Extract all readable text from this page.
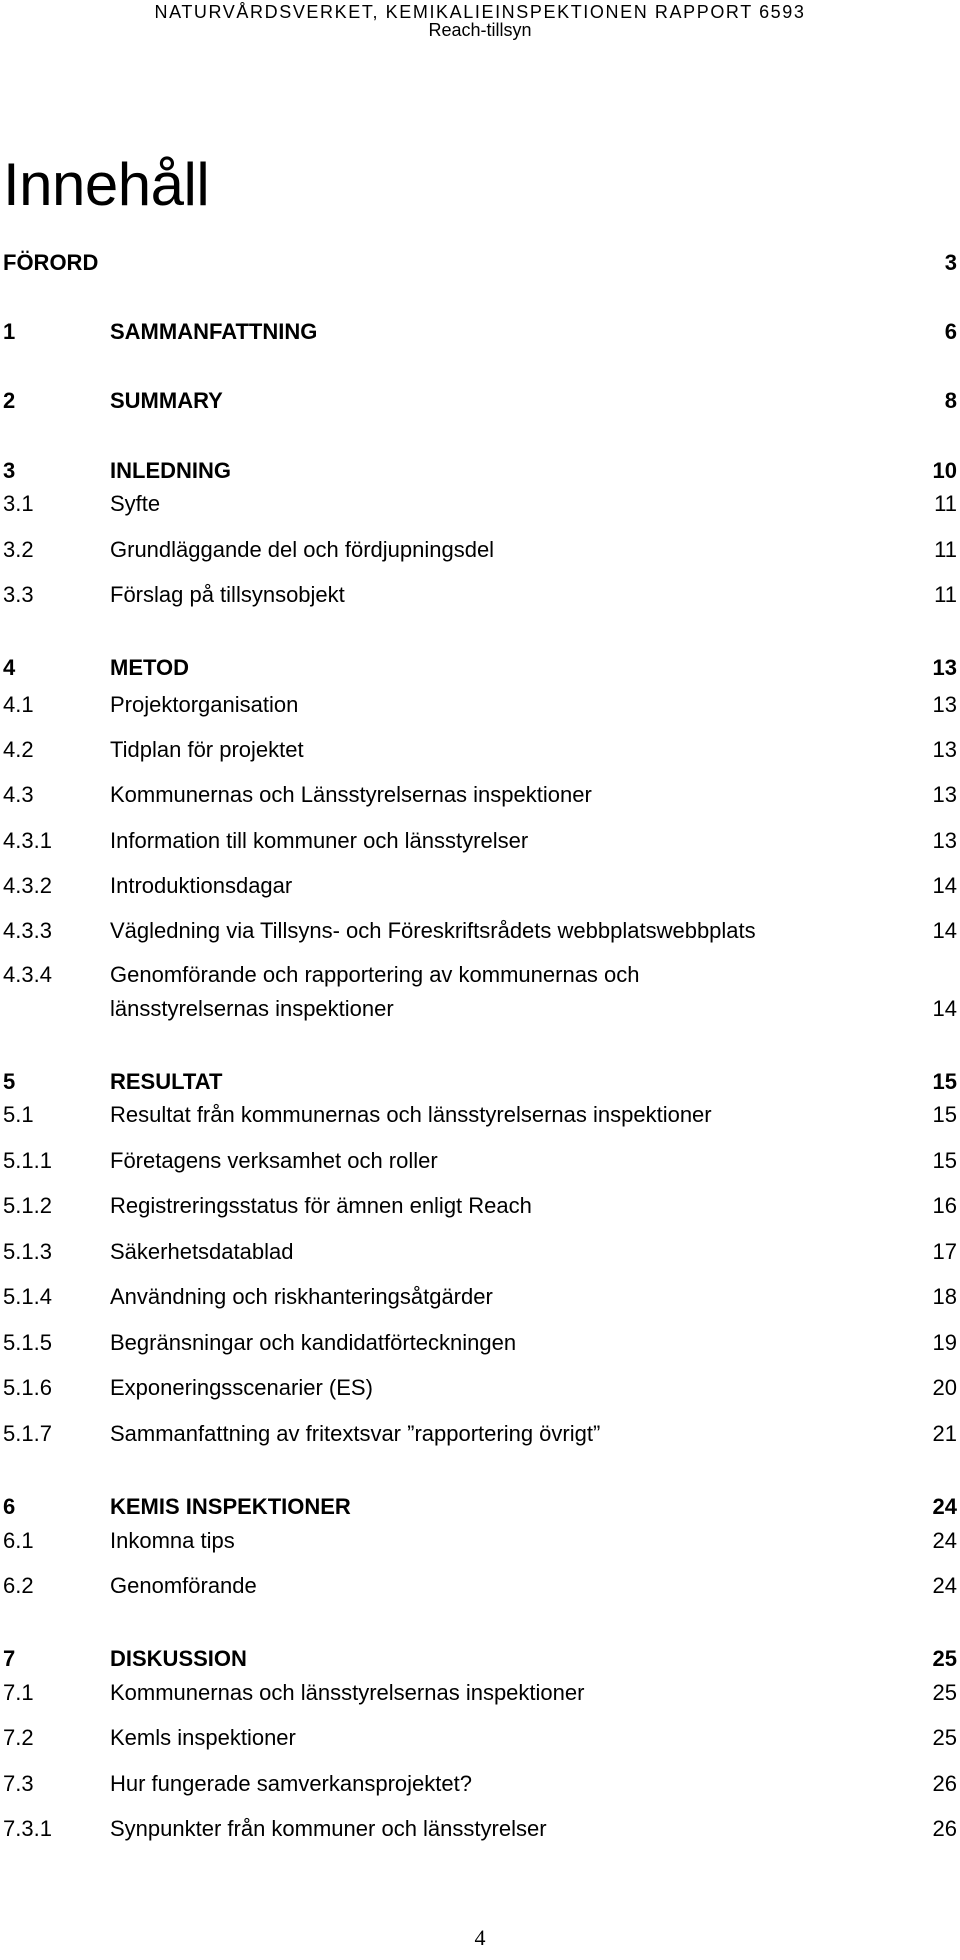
NATURVÅRDSVERKET, KEMIKALIEINSPEKTIONEN RAPPORT 6593
Reach-tillsyn
Innehåll
FÖRORD	3
1	SAMMANFATTNING	6
2	SUMMARY	8
3	INLEDNING	10
3.1	Syfte	11
3.2	Grundläggande del och fördjupningsdel	11
3.3	Förslag på tillsynsobjekt	11
4	METOD	13
4.1	Projektorganisation	13
4.2	Tidplan för projektet	13
4.3	Kommunernas och Länsstyrelsernas inspektioner	13
4.3.1	Information till kommuner och länsstyrelser	13
4.3.2	Introduktionsdagar	14
4.3.3	Vägledning via Tillsyns- och Föreskriftsrådets webbplatswebbplats	14
4.3.4	Genomförande och rapportering av kommunernas och
länsstyrelsernas inspektioner	14
5	RESULTAT	15
5.1	Resultat från kommunernas och länsstyrelsernas inspektioner	15
5.1.1	Företagens verksamhet och roller	15
5.1.2	Registreringsstatus för ämnen enligt Reach	16
5.1.3	Säkerhetsdatablad	17
5.1.4	Användning och riskhanteringsåtgärder	18
5.1.5	Begränsningar och kandidatförteckningen	19
5.1.6	Exponeringsscenarier (ES)	20
5.1.7	Sammanfattning av fritextsvar ”rapportering övrigt”	21
6	KEMIS INSPEKTIONER	24
6.1	Inkomna tips	24
6.2	Genomförande	24
7	DISKUSSION	25
7.1	Kommunernas och länsstyrelsernas inspektioner	25
7.2	Kemls inspektioner	25
7.3	Hur fungerade samverkansprojektet?	26
7.3.1	Synpunkter från kommuner och länsstyrelser	26
4
